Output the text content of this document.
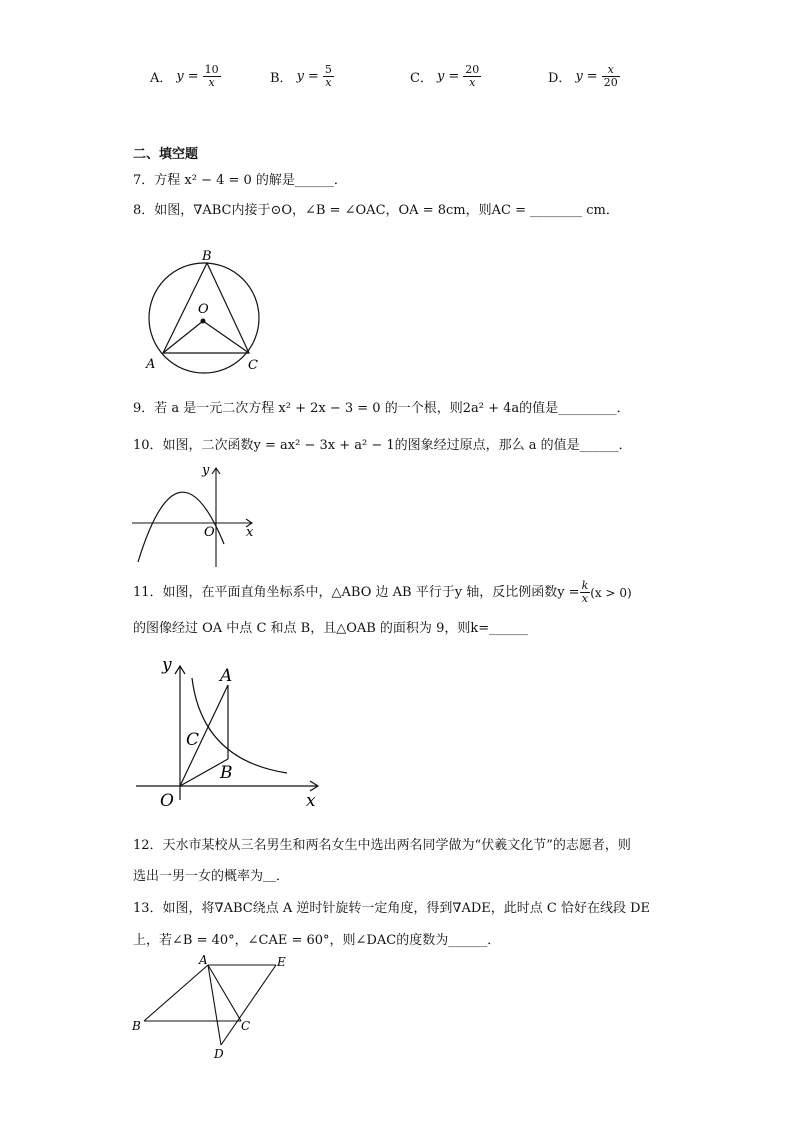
A． $y = \frac{10}{x}$	B． $y = \frac{5}{x}$	C． $y = \frac{20}{x}$	D． $y = \frac{x}{20}$
二、填空题
7．方程 x² − 4 = 0 的解是______．
8．如图，∇ABC内接于⊙O，∠B = ∠OAC，OA = 8cm，则AC = ________ cm．
B
O
A	C
9．若 a 是一元二次方程 x² + 2x − 3 = 0 的一个根，则2a² + 4a的值是_________．
10．如图，二次函数y = ax² − 3x + a² − 1的图象经过原点，那么 a 的值是______．
y
O x
11．如图，在平面直角坐标系中，△ABO 边 AB 平行于y 轴，反比例函数$y = \frac{k}{x} (x > 0)$
的图像经过 OA 中点 C 和点 B，且△OAB 的面积为 9，则k=______
y
A
C
B
O	x
12．天水市某校从三名男生和两名女生中选出两名同学做为“伏羲文化节”的志愿者，则
选出一男一女的概率为＿．
13．如图，将∇ABC绕点 A 逆时针旋转一定角度，得到∇ADE，此时点 C 恰好在线段 DE
上，若∠B = 40°，∠CAE = 60°，则∠DAC的度数为______．
A	E
B	C
D
